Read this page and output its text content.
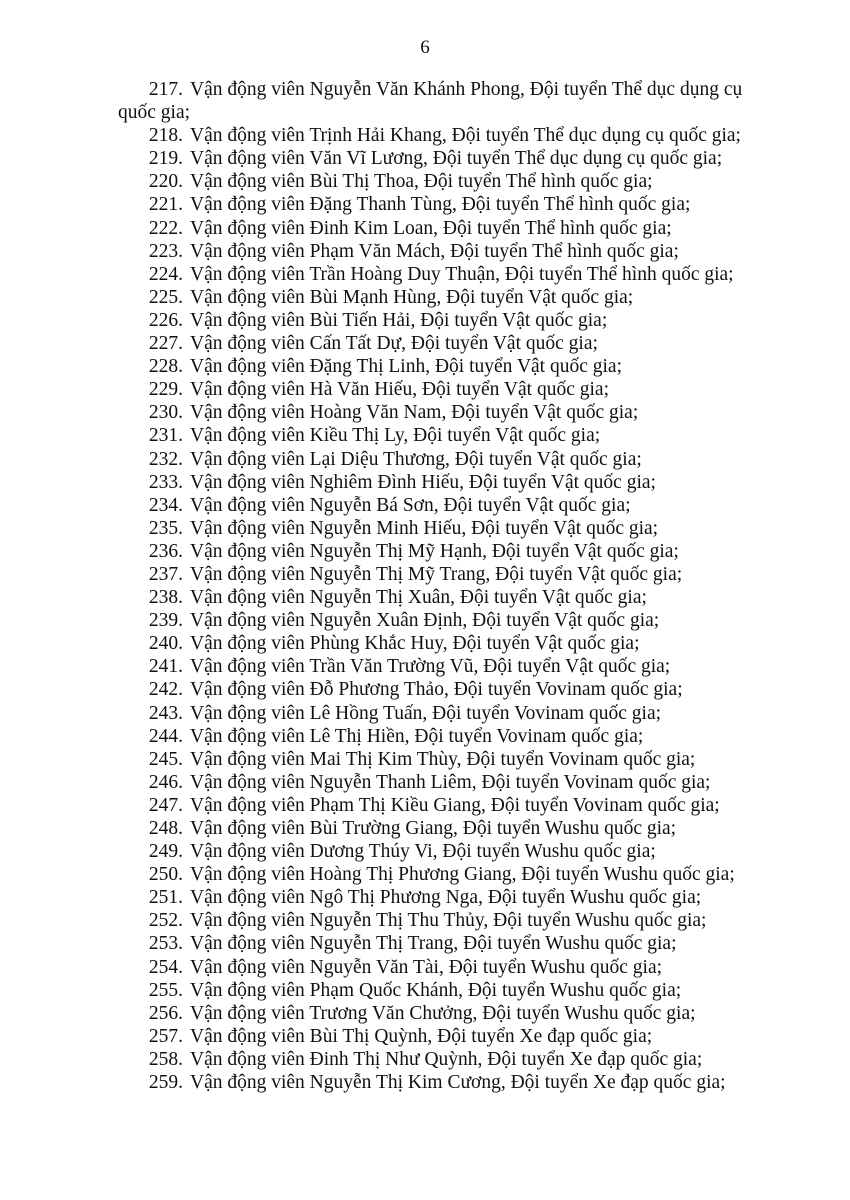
6
217. Vận động viên Nguyễn Văn Khánh Phong, Đội tuyển Thể dục dụng cụ
quốc gia;
218. Vận động viên Trịnh Hải Khang, Đội tuyển Thể dục dụng cụ quốc gia;
219. Vận động viên Văn Vĩ Lương, Đội tuyển Thể dục dụng cụ quốc gia;
220. Vận động viên Bùi Thị Thoa, Đội tuyển Thể hình quốc gia;
221. Vận động viên Đặng Thanh Tùng, Đội tuyển Thể hình quốc gia;
222. Vận động viên Đinh Kim Loan, Đội tuyển Thể hình quốc gia;
223. Vận động viên Phạm Văn Mách, Đội tuyển Thể hình quốc gia;
224. Vận động viên Trần Hoàng Duy Thuận, Đội tuyển Thể hình quốc gia;
225. Vận động viên Bùi Mạnh Hùng, Đội tuyển Vật quốc gia;
226. Vận động viên Bùi Tiến Hải, Đội tuyển Vật quốc gia;
227. Vận động viên Cấn Tất Dự, Đội tuyển Vật quốc gia;
228. Vận động viên Đặng Thị Linh, Đội tuyển Vật quốc gia;
229. Vận động viên Hà Văn Hiếu, Đội tuyển Vật quốc gia;
230. Vận động viên Hoàng Văn Nam, Đội tuyển Vật quốc gia;
231. Vận động viên Kiều Thị Ly, Đội tuyển Vật quốc gia;
232. Vận động viên Lại Diệu Thương, Đội tuyển Vật quốc gia;
233. Vận động viên Nghiêm Đình Hiếu, Đội tuyển Vật quốc gia;
234. Vận động viên Nguyễn Bá Sơn, Đội tuyển Vật quốc gia;
235. Vận động viên Nguyễn Minh Hiếu, Đội tuyển Vật quốc gia;
236. Vận động viên Nguyễn Thị Mỹ Hạnh, Đội tuyển Vật quốc gia;
237. Vận động viên Nguyễn Thị Mỹ Trang, Đội tuyển Vật quốc gia;
238. Vận động viên Nguyễn Thị Xuân, Đội tuyển Vật quốc gia;
239. Vận động viên Nguyễn Xuân Định, Đội tuyển Vật quốc gia;
240. Vận động viên Phùng Khắc Huy, Đội tuyển Vật quốc gia;
241. Vận động viên Trần Văn Trường Vũ, Đội tuyển Vật quốc gia;
242. Vận động viên Đỗ Phương Thảo, Đội tuyển Vovinam quốc gia;
243. Vận động viên Lê Hồng Tuấn, Đội tuyển Vovinam quốc gia;
244. Vận động viên Lê Thị Hiền, Đội tuyển Vovinam quốc gia;
245. Vận động viên Mai Thị Kim Thùy, Đội tuyển Vovinam quốc gia;
246. Vận động viên Nguyễn Thanh Liêm, Đội tuyển Vovinam quốc gia;
247. Vận động viên Phạm Thị Kiều Giang, Đội tuyển Vovinam quốc gia;
248. Vận động viên Bùi Trường Giang, Đội tuyển Wushu quốc gia;
249. Vận động viên Dương Thúy Vi, Đội tuyển Wushu quốc gia;
250. Vận động viên Hoàng Thị Phương Giang, Đội tuyển Wushu quốc gia;
251. Vận động viên Ngô Thị Phương Nga, Đội tuyển Wushu quốc gia;
252. Vận động viên Nguyễn Thị Thu Thủy, Đội tuyển Wushu quốc gia;
253. Vận động viên Nguyễn Thị Trang, Đội tuyển Wushu quốc gia;
254. Vận động viên Nguyễn Văn Tài, Đội tuyển Wushu quốc gia;
255. Vận động viên Phạm Quốc Khánh, Đội tuyển Wushu quốc gia;
256. Vận động viên Trương Văn Chưởng, Đội tuyển Wushu quốc gia;
257. Vận động viên Bùi Thị Quỳnh, Đội tuyển Xe đạp quốc gia;
258. Vận động viên Đinh Thị Như Quỳnh, Đội tuyển Xe đạp quốc gia;
259. Vận động viên Nguyễn Thị Kim Cương, Đội tuyển Xe đạp quốc gia;
